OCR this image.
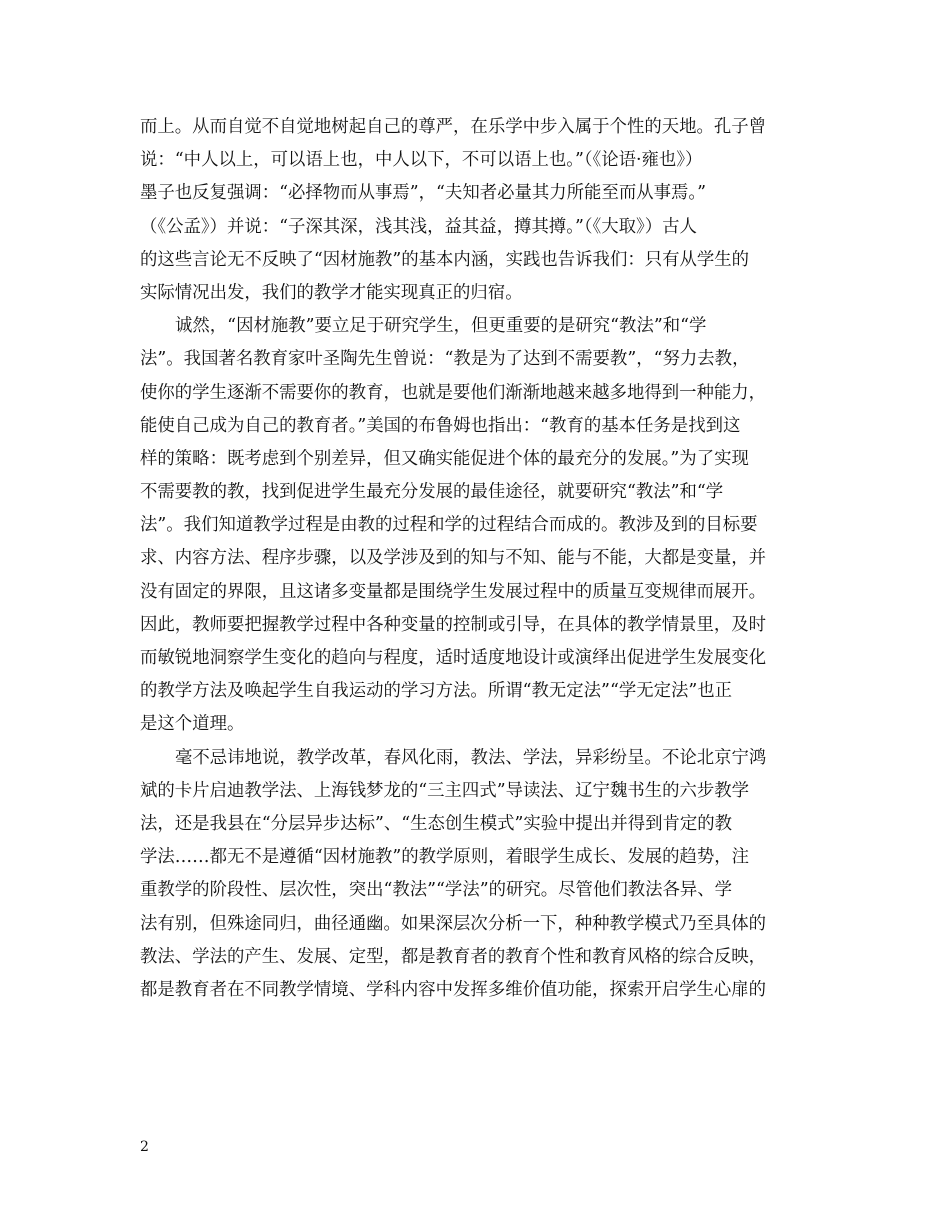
而上。从而自觉不自觉地树起自己的尊严，在乐学中步入属于个性的天地。孔子曾
说：“中人以上，可以语上也，中人以下，不可以语上也。”（《论语·雍也》）
墨子也反复强调：“必择物而从事焉”，“夫知者必量其力所能至而从事焉。”
（《公孟》）并说：“子深其深，浅其浅，益其益，撙其撙。”（《大取》）古人
的这些言论无不反映了“因材施教”的基本内涵，实践也告诉我们：只有从学生的
实际情况出发，我们的教学才能实现真正的归宿。
诚然，“因材施教”要立足于研究学生，但更重要的是研究“教法”和“学
法”。我国著名教育家叶圣陶先生曾说：“教是为了达到不需要教”，“努力去教，
使你的学生逐渐不需要你的教育，也就是要他们渐渐地越来越多地得到一种能力，
能使自己成为自己的教育者。”美国的布鲁姆也指出：“教育的基本任务是找到这
样的策略：既考虑到个别差异，但又确实能促进个体的最充分的发展。”为了实现
不需要教的教，找到促进学生最充分发展的最佳途径，就要研究“教法”和“学
法”。我们知道教学过程是由教的过程和学的过程结合而成的。教涉及到的目标要
求、内容方法、程序步骤，以及学涉及到的知与不知、能与不能，大都是变量，并
没有固定的界限，且这诸多变量都是围绕学生发展过程中的质量互变规律而展开。
因此，教师要把握教学过程中各种变量的控制或引导，在具体的教学情景里，及时
而敏锐地洞察学生变化的趋向与程度，适时适度地设计或演绎出促进学生发展变化
的教学方法及唤起学生自我运动的学习方法。所谓“教无定法”“学无定法”也正
是这个道理。
毫不忌讳地说，教学改革，春风化雨，教法、学法，异彩纷呈。不论北京宁鸿
斌的卡片启迪教学法、上海钱梦龙的“三主四式”导读法、辽宁魏书生的六步教学
法，还是我县在“分层异步达标”、“生态创生模式”实验中提出并得到肯定的教
学法……都无不是遵循“因材施教”的教学原则，着眼学生成长、发展的趋势，注
重教学的阶段性、层次性，突出“教法”“学法”的研究。尽管他们教法各异、学
法有别，但殊途同归，曲径通幽。如果深层次分析一下，种种教学模式乃至具体的
教法、学法的产生、发展、定型，都是教育者的教育个性和教育风格的综合反映，
都是教育者在不同教学情境、学科内容中发挥多维价值功能，探索开启学生心扉的
2
